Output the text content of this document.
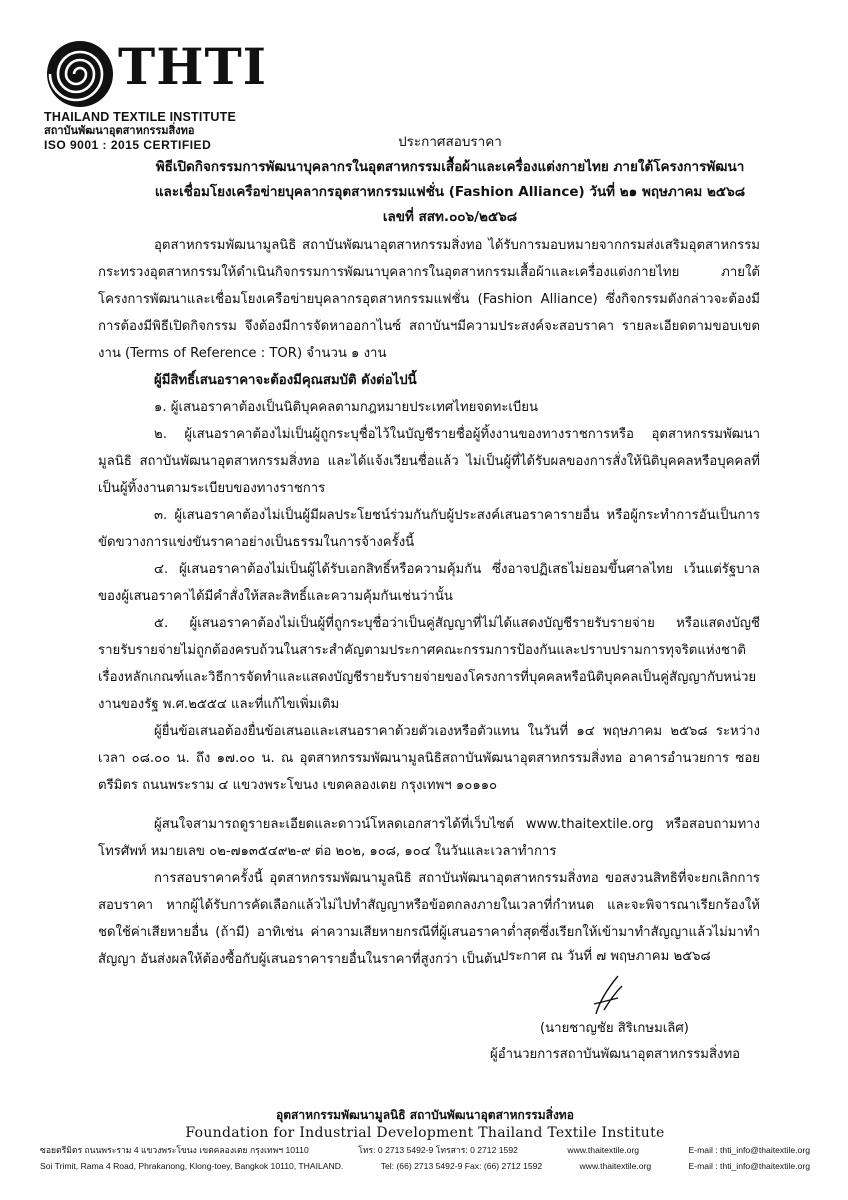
THTI
THAILAND TEXTILE INSTITUTE
สถาบันพัฒนาอุตสาหกรรมสิ่งทอ
ISO 9001 : 2015 CERTIFIED	ประกาศสอบราคา
พิธีเปิดกิจกรรมการพัฒนาบุคลากรในอุตสาหกรรมเสื้อผ้าและเครื่องแต่งกายไทย ภายใต้โครงการพัฒนา
และเชื่อมโยงเครือข่ายบุคลากรอุตสาหกรรมแฟชั่น (Fashion Alliance) วันที่ ๒๑ พฤษภาคม ๒๕๖๘
เลขที่ สสท.๐๐๖/๒๕๖๘

อุตสาหกรรมพัฒนามูลนิธิ สถาบันพัฒนาอุตสาหกรรมสิ่งทอ ได้รับการมอบหมายจากกรมส่งเสริมอุตสาหกรรม กระทรวงอุตสาหกรรมให้ดำเนินกิจกรรมการพัฒนาบุคลากรในอุตสาหกรรมเสื้อผ้าและเครื่องแต่งกายไทย ภายใต้โครงการพัฒนาและเชื่อมโยงเครือข่ายบุคลากรอุตสาหกรรมแฟชั่น (Fashion Alliance) ซึ่งกิจกรรมดังกล่าวจะต้องมีการต้องมีพิธีเปิดกิจกรรม จึงต้องมีการจัดหาออกาไนซ์ สถาบันฯมีความประสงค์จะสอบราคา รายละเอียดตามขอบเขตงาน (Terms of Reference : TOR) จำนวน ๑ งาน

ผู้มีสิทธิ์เสนอราคาจะต้องมีคุณสมบัติ ดังต่อไปนี้

๑. ผู้เสนอราคาต้องเป็นนิติบุคคลตามกฎหมายประเทศไทยจดทะเบียน

๒. ผู้เสนอราคาต้องไม่เป็นผู้ถูกระบุชื่อไว้ในบัญชีรายชื่อผู้ทิ้งงานของทางราชการหรือ อุตสาหกรรมพัฒนามูลนิธิ สถาบันพัฒนาอุตสาหกรรมสิ่งทอ และได้แจ้งเวียนชื่อแล้ว ไม่เป็นผู้ที่ได้รับผลของการสั่งให้นิติบุคคลหรือบุคคลที่เป็นผู้ทิ้งงานตามระเบียบของทางราชการ

๓. ผู้เสนอราคาต้องไม่เป็นผู้มีผลประโยชน์ร่วมกันกับผู้ประสงค์เสนอราคารายอื่น หรือผู้กระทำการอันเป็นการขัดขวางการแข่งขันราคาอย่างเป็นธรรมในการจ้างครั้งนี้

๔. ผู้เสนอราคาต้องไม่เป็นผู้ได้รับเอกสิทธิ์หรือความคุ้มกัน ซึ่งอาจปฏิเสธไม่ยอมขึ้นศาลไทย เว้นแต่รัฐบาลของผู้เสนอราคาได้มีคำสั่งให้สละสิทธิ์และความคุ้มกันเช่นว่านั้น

๕. ผู้เสนอราคาต้องไม่เป็นผู้ที่ถูกระบุชื่อว่าเป็นคู่สัญญาที่ไม่ได้แสดงบัญชีรายรับรายจ่าย หรือแสดงบัญชี รายรับรายจ่ายไม่ถูกต้องครบถ้วนในสาระสำคัญตามประกาศคณะกรรมการป้องกันและปราบปรามการทุจริตแห่งชาติ เรื่องหลักเกณฑ์และวิธีการจัดทำและแสดงบัญชีรายรับรายจ่ายของโครงการที่บุคคลหรือนิติบุคคลเป็นคู่สัญญากับหน่วยงานของรัฐ พ.ศ.๒๕๕๔ และที่แก้ไขเพิ่มเติม

ผู้ยื่นข้อเสนอต้องยื่นข้อเสนอและเสนอราคาด้วยตัวเองหรือตัวแทน ในวันที่ ๑๔ พฤษภาคม ๒๕๖๘ ระหว่างเวลา ๐๘.๐๐ น. ถึง ๑๗.๐๐ น. ณ อุตสาหกรรมพัฒนามูลนิธิสถาบันพัฒนาอุตสาหกรรมสิ่งทอ อาคารอำนวยการ ซอยตรีมิตร ถนนพระราม ๔ แขวงพระโขนง เขตคลองเตย กรุงเทพฯ ๑๐๑๑๐

ผู้สนใจสามารถดูรายละเอียดและดาวน์โหลดเอกสารได้ที่เว็บไซต์ www.thaitextile.org หรือสอบถามทางโทรศัพท์ หมายเลข ๐๒-๗๑๓๕๔๙๒-๙ ต่อ ๒๐๒, ๑๐๘, ๑๐๔ ในวันและเวลาทำการ

การสอบราคาครั้งนี้ อุตสาหกรรมพัฒนามูลนิธิ สถาบันพัฒนาอุตสาหกรรมสิ่งทอ ขอสงวนสิทธิที่จะยกเลิกการสอบราคา หากผู้ได้รับการคัดเลือกแล้วไม่ไปทำสัญญาหรือข้อตกลงภายในเวลาที่กำหนด และจะพิจารณาเรียกร้องให้ชดใช้ค่าเสียหายอื่น (ถ้ามี) อาทิเช่น ค่าความเสียหายกรณีที่ผู้เสนอราคาต่ำสุดซึ่งเรียกให้เข้ามาทำสัญญาแล้วไม่มาทำสัญญา อันส่งผลให้ต้องซื้อกับผู้เสนอราคารายอื่นในราคาที่สูงกว่า เป็นต้น

ประกาศ ณ วันที่ ๗ พฤษภาคม ๒๕๖๘
(นายชาญชัย สิริเกษมเลิศ)
ผู้อำนวยการสถาบันพัฒนาอุตสาหกรรมสิ่งทอ
อุตสาหกรรมพัฒนามูลนิธิ สถาบันพัฒนาอุตสาหกรรมสิ่งทอ
Foundation for Industrial Development Thailand Textile Institute
ซอยตรีมิตร ถนนพระราม 4 แขวงพระโขนง เขตคลองเตย กรุงเทพฯ 10110	โทร: 0 2713 5492-9 โทรสาร: 0 2712 1592	www.thaitextile.org	E-mail : thti_info@thaitextile.org
Soi Trimit, Rama 4 Road, Phrakanong, Klong-toey, Bangkok 10110, THAILAND.	Tel: (66) 2713 5492-9 Fax: (66) 2712 1592	www.thaitextile.org	E-mail : thti_info@thaitextile.org
